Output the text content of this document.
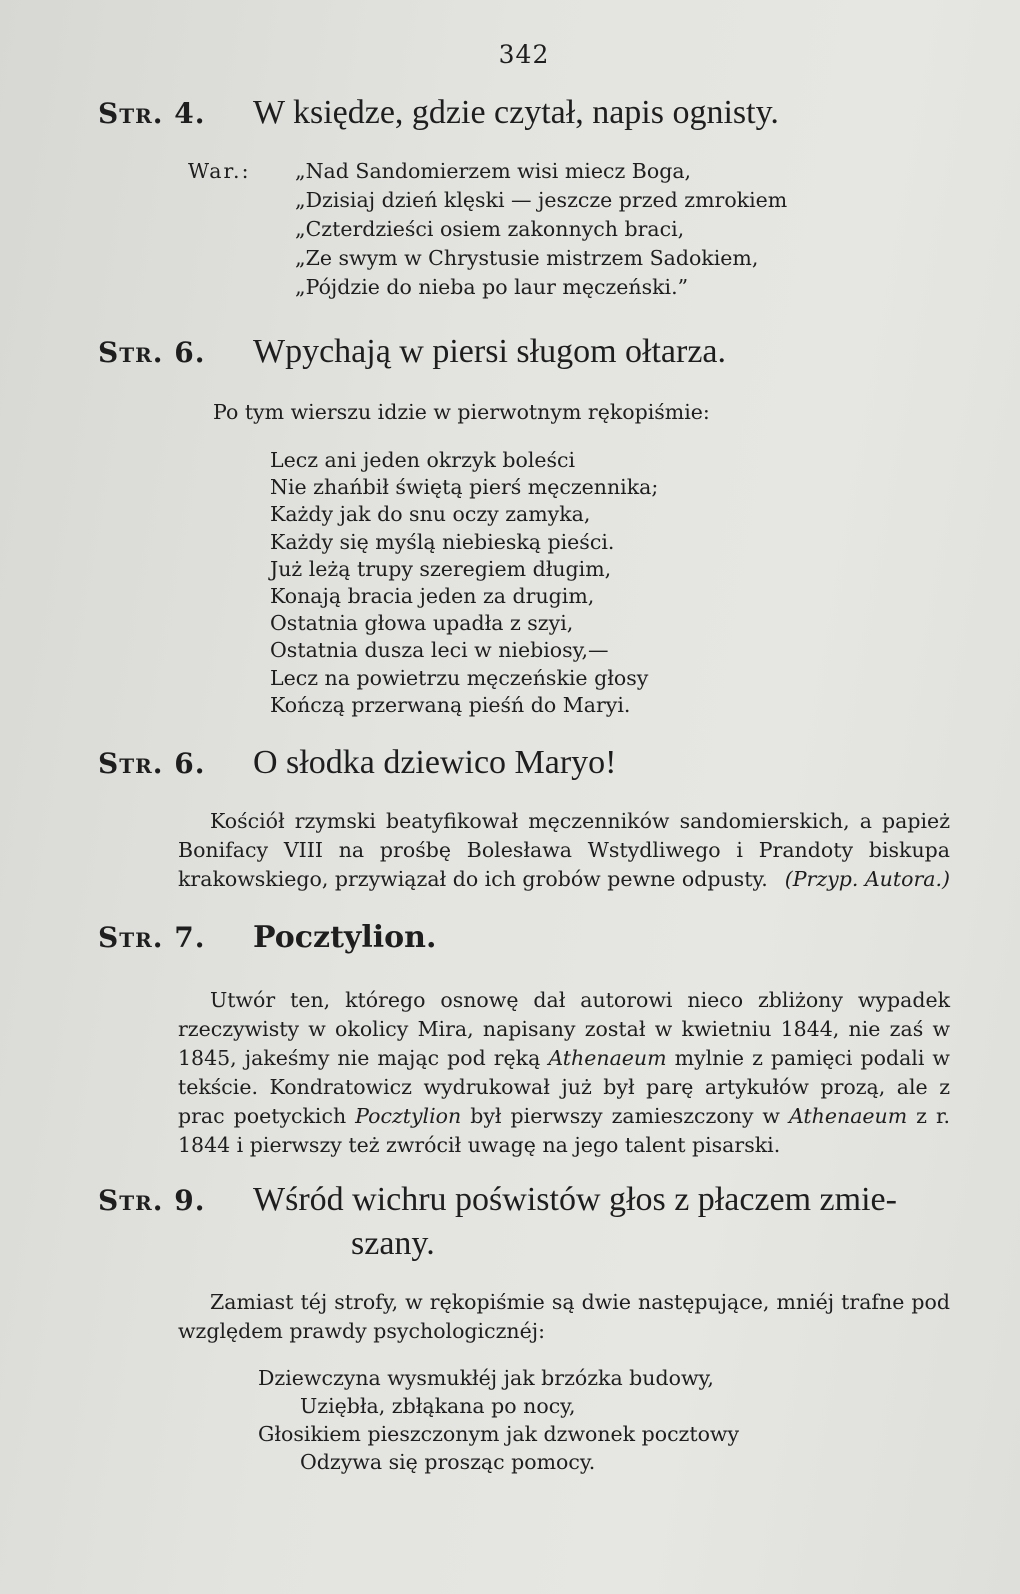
342
Str. 4.	W księdze, gdzie czytał, napis ognisty.
War.:	„Nad Sandomierzem wisi miecz Boga,
„Dzisiaj dzień klęski — jeszcze przed zmrokiem
„Czterdzieści osiem zakonnych braci,
„Ze swym w Chrystusie mistrzem Sadokiem,
„Pójdzie do nieba po laur męczeński.”
Str. 6.	Wpychają w piersi sługom ołtarza.
Po tym wierszu idzie w pierwotnym rękopiśmie:
Lecz ani jeden okrzyk boleści
Nie zhańbił świętą pierś męczennika;
Każdy jak do snu oczy zamyka,
Każdy się myślą niebieską pieści.
Już leżą trupy szeregiem długim,
Konają bracia jeden za drugim,
Ostatnia głowa upadła z szyi,
Ostatnia dusza leci w niebiosy,—
Lecz na powietrzu męczeńskie głosy
Kończą przerwaną pieśń do Maryi.
Str. 6.	O słodka dziewico Maryo!
Kościół rzymski beatyfikował męczenników sandomierskich, a papież Bonifacy VIII na prośbę Bolesława Wstydliwego i Prandoty biskupa krakowskiego, przywiązał do ich grobów pewne odpusty. (Przyp. Autora.)
Str. 7.	Pocztylion.
Utwór ten, którego osnowę dał autorowi nieco zbliżony wypadek rzeczywisty w okolicy Mira, napisany został w kwietniu 1844, nie zaś w 1845, jakeśmy nie mając pod ręką Athenaeum mylnie z pamięci podali w tekście. Kondratowicz wydrukował już był parę artykułów prozą, ale z prac poetyckich Pocztylion był pierwszy zamieszczony w Athenaeum z r. 1844 i pierwszy też zwrócił uwagę na jego talent pisarski.
Str. 9.	Wśród wichru poświstów głos z płaczem zmie-
szany.
Zamiast téj strofy, w rękopiśmie są dwie następujące, mniéj trafne pod względem prawdy psychologicznéj:
Dziewczyna wysmukłéj jak brzózka budowy,
Uziębła, zbłąkana po nocy,
Głosikiem pieszczonym jak dzwonek pocztowy
Odzywa się prosząc pomocy.
